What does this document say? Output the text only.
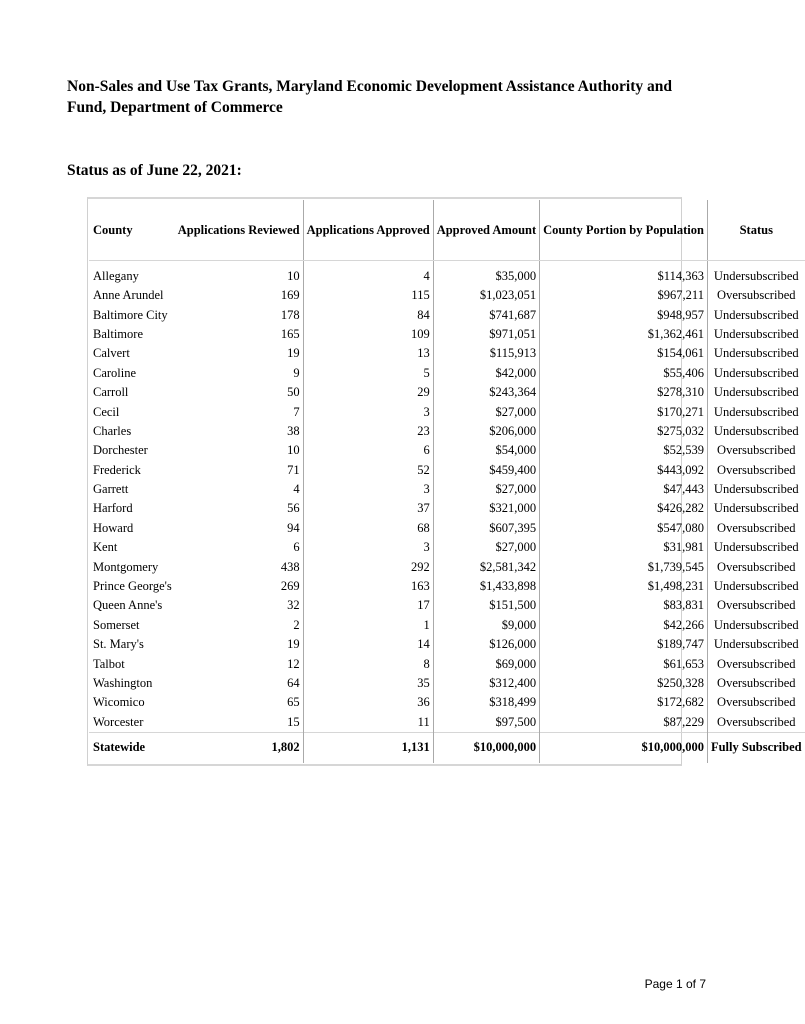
Non-Sales and Use Tax Grants, Maryland Economic Development Assistance Authority and Fund, Department of Commerce
Status as of June 22, 2021:
County	Applications Reviewed	Applications Approved	Approved Amount	County Portion by Population	Status
Allegany	10	4	$35,000	$114,363	Undersubscribed
Anne Arundel	169	115	$1,023,051	$967,211	Oversubscribed
Baltimore City	178	84	$741,687	$948,957	Undersubscribed
Baltimore	165	109	$971,051	$1,362,461	Undersubscribed
Calvert	19	13	$115,913	$154,061	Undersubscribed
Caroline	9	5	$42,000	$55,406	Undersubscribed
Carroll	50	29	$243,364	$278,310	Undersubscribed
Cecil	7	3	$27,000	$170,271	Undersubscribed
Charles	38	23	$206,000	$275,032	Undersubscribed
Dorchester	10	6	$54,000	$52,539	Oversubscribed
Frederick	71	52	$459,400	$443,092	Oversubscribed
Garrett	4	3	$27,000	$47,443	Undersubscribed
Harford	56	37	$321,000	$426,282	Undersubscribed
Howard	94	68	$607,395	$547,080	Oversubscribed
Kent	6	3	$27,000	$31,981	Undersubscribed
Montgomery	438	292	$2,581,342	$1,739,545	Oversubscribed
Prince George's	269	163	$1,433,898	$1,498,231	Undersubscribed
Queen Anne's	32	17	$151,500	$83,831	Oversubscribed
Somerset	2	1	$9,000	$42,266	Undersubscribed
St. Mary's	19	14	$126,000	$189,747	Undersubscribed
Talbot	12	8	$69,000	$61,653	Oversubscribed
Washington	64	35	$312,400	$250,328	Oversubscribed
Wicomico	65	36	$318,499	$172,682	Oversubscribed
Worcester	15	11	$97,500	$87,229	Oversubscribed
Statewide	1,802	1,131	$10,000,000	$10,000,000	Fully Subscribed
Page 1 of 7
